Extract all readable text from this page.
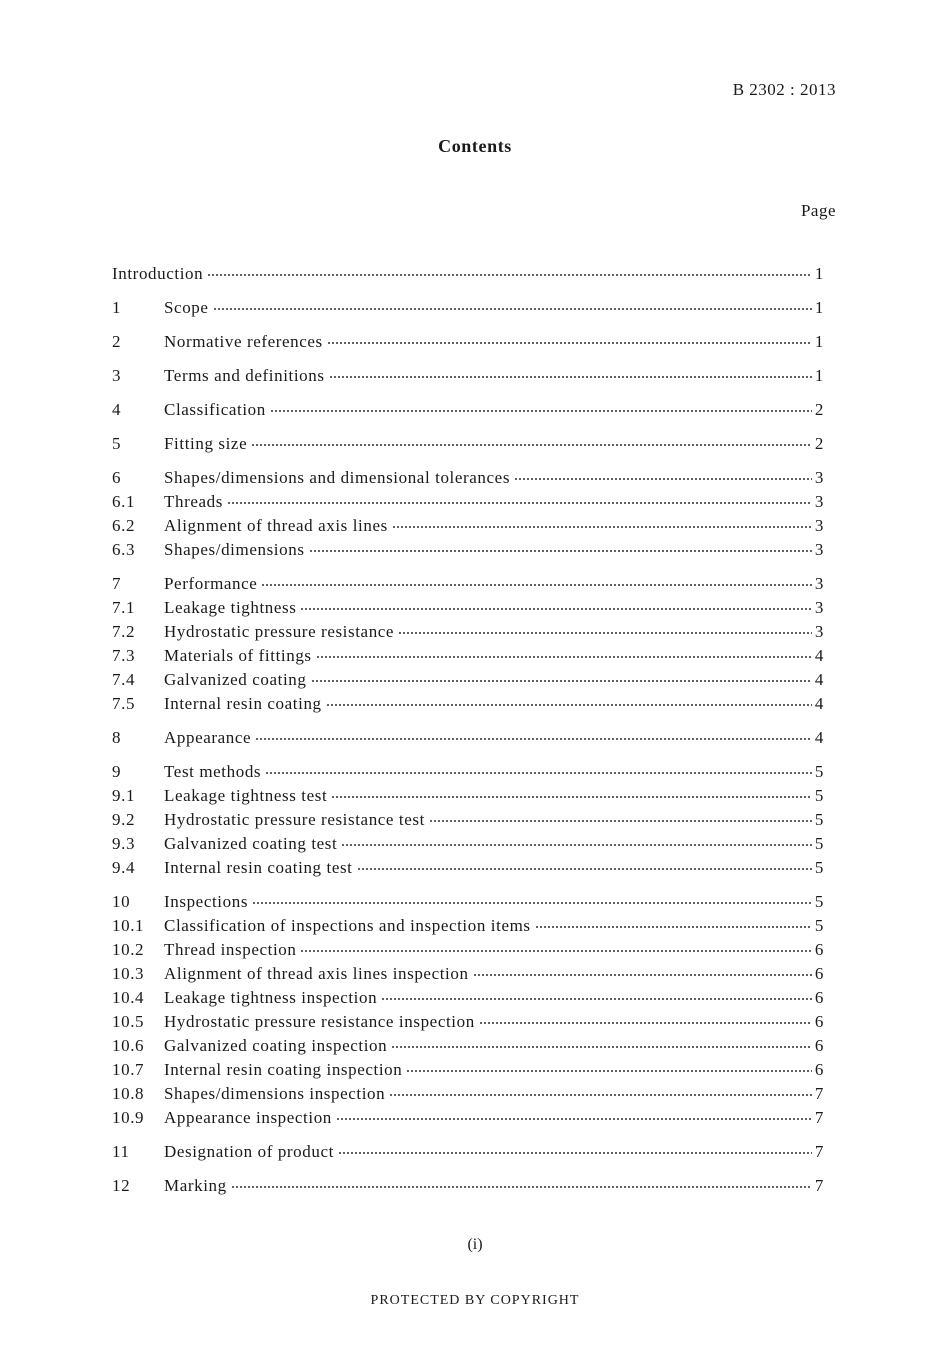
B 2302 : 2013
Contents
Page
Introduction	1
1	Scope	1
2	Normative references	1
3	Terms and definitions	1
4	Classification	2
5	Fitting size	2
6	Shapes/dimensions and dimensional tolerances	3
6.1	Threads	3
6.2	Alignment of thread axis lines	3
6.3	Shapes/dimensions	3
7	Performance	3
7.1	Leakage tightness	3
7.2	Hydrostatic pressure resistance	3
7.3	Materials of fittings	4
7.4	Galvanized coating	4
7.5	Internal resin coating	4
8	Appearance	4
9	Test methods	5
9.1	Leakage tightness test	5
9.2	Hydrostatic pressure resistance test	5
9.3	Galvanized coating test	5
9.4	Internal resin coating test	5
10	Inspections	5
10.1	Classification of inspections and inspection items	5
10.2	Thread inspection	6
10.3	Alignment of thread axis lines inspection	6
10.4	Leakage tightness inspection	6
10.5	Hydrostatic pressure resistance inspection	6
10.6	Galvanized coating inspection	6
10.7	Internal resin coating inspection	6
10.8	Shapes/dimensions inspection	7
10.9	Appearance inspection	7
11	Designation of product	7
12	Marking	7
(i)
PROTECTED BY COPYRIGHT
